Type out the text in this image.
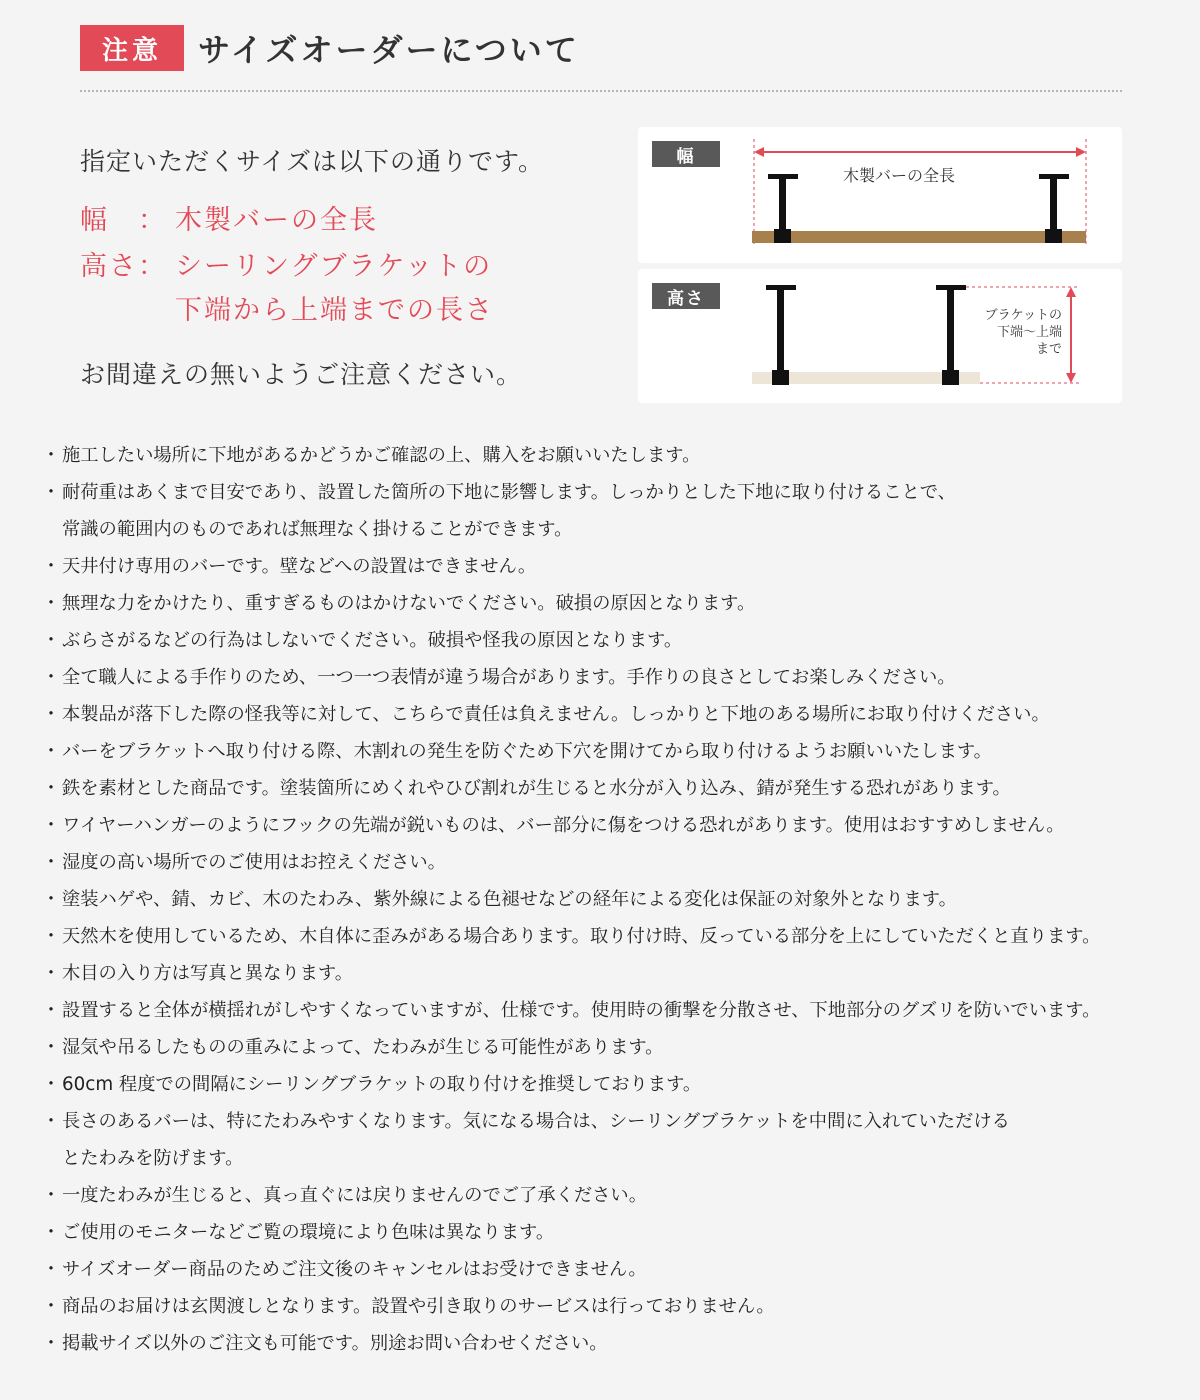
注意	サイズオーダーについて
指定いただくサイズは以下の通りです。
幅　： 木製バーの全長
高さ： シーリングブラケットの
下端から上端までの長さ
お間違えの無いようご注意ください。
幅
木製バーの全長
高さ
ブラケットの
下端～上端
まで
・ 施工したい場所に下地があるかどうかご確認の上、購入をお願いいたします。
・ 耐荷重はあくまで目安であり、設置した箇所の下地に影響します。しっかりとした下地に取り付けることで、
常識の範囲内のものであれば無理なく掛けることができます。
・ 天井付け専用のバーです。壁などへの設置はできません。
・ 無理な力をかけたり、重すぎるものはかけないでください。破損の原因となります。
・ ぶらさがるなどの行為はしないでください。破損や怪我の原因となります。
・ 全て職人による手作りのため、一つ一つ表情が違う場合があります。手作りの良さとしてお楽しみください。
・ 本製品が落下した際の怪我等に対して、こちらで責任は負えません。しっかりと下地のある場所にお取り付けください。
・ バーをブラケットへ取り付ける際、木割れの発生を防ぐため下穴を開けてから取り付けるようお願いいたします。
・ 鉄を素材とした商品です。塗装箇所にめくれやひび割れが生じると水分が入り込み、錆が発生する恐れがあります。
・ ワイヤーハンガーのようにフックの先端が鋭いものは、バー部分に傷をつける恐れがあります。使用はおすすめしません。
・ 湿度の高い場所でのご使用はお控えください。
・ 塗装ハゲや、錆、カビ、木のたわみ、紫外線による色褪せなどの経年による変化は保証の対象外となります。
・ 天然木を使用しているため、木自体に歪みがある場合あります。取り付け時、反っている部分を上にしていただくと直ります。
・ 木目の入り方は写真と異なります。
・ 設置すると全体が横揺れがしやすくなっていますが、仕様です。使用時の衝撃を分散させ、下地部分のグズリを防いでいます。
・ 湿気や吊るしたものの重みによって、たわみが生じる可能性があります。
・ 60cm 程度での間隔にシーリングブラケットの取り付けを推奨しております。
・ 長さのあるバーは、特にたわみやすくなります。気になる場合は、シーリングブラケットを中間に入れていただける
とたわみを防げます。
・ 一度たわみが生じると、真っ直ぐには戻りませんのでご了承ください。
・ ご使用のモニターなどご覧の環境により色味は異なります。
・ サイズオーダー商品のためご注文後のキャンセルはお受けできません。
・ 商品のお届けは玄関渡しとなります。設置や引き取りのサービスは行っておりません。
・ 掲載サイズ以外のご注文も可能です。別途お問い合わせください。
